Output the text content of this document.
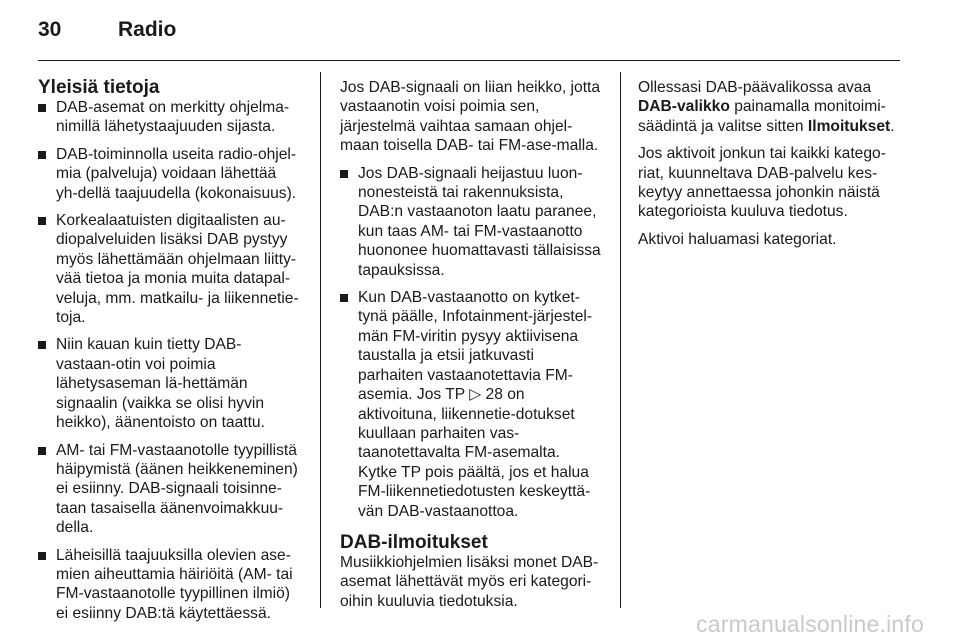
30	Radio
Yleisiä tietoja
DAB-asemat on merkitty ohjelma-nimillä lähetystaajuuden sijasta.
DAB-toiminnolla useita radio-ohjel-mia (palveluja) voidaan lähettää yh-dellä taajuudella (kokonaisuus).
Korkealaatuisten digitaalisten au-diopalveluiden lisäksi DAB pystyy myös lähettämään ohjelmaan liitty-vää tietoa ja monia muita datapal-veluja, mm. matkailu- ja liikennetie-toja.
Niin kauan kuin tietty DAB-vastaan-otin voi poimia lähetysaseman lä-hettämän signaalin (vaikka se olisi hyvin heikko), äänentoisto on taattu.
AM- tai FM-vastaanotolle tyypillistä häipymistä (äänen heikkeneminen) ei esiinny. DAB-signaali toisinne-taan tasaisella äänenvoimakkuu-della.
Läheisillä taajuuksilla olevien ase-mien aiheuttamia häiriöitä (AM- tai FM-vastaanotolle tyypillinen ilmiö) ei esiinny DAB:tä käytettäessä.

Jos DAB-signaali on liian heikko, jotta vastaanotin voisi poimia sen, järjestelmä vaihtaa samaan ohjel-maan toisella DAB- tai FM-ase-malla.

Jos DAB-signaali heijastuu luon-nonesteistä tai rakennuksista, DAB:n vastaanoton laatu paranee, kun taas AM- tai FM-vastaanotto huononee huomattavasti tällaisissa tapauksissa.
Kun DAB-vastaanotto on kytket-tynä päälle, Infotainment-järjestel-män FM-viritin pysyy aktiivisena taustalla ja etsii jatkuvasti parhaiten vastaanotettavia FM-asemia. Jos TP ▷ 28 on aktivoituna, liikennetie-dotukset kuullaan parhaiten vas-taanotettavalta FM-asemalta. Kytke TP pois päältä, jos et halua FM-liikennetiedotusten keskeyttä-vän DAB-vastaanottoa.
DAB-ilmoitukset

Musiikkiohjelmien lisäksi monet DAB-asemat lähettävät myös eri kategori-oihin kuuluvia tiedotuksia.

Ollessasi DAB-päävalikossa avaa DAB-valikko painamalla monitoimi-säädintä ja valitse sitten Ilmoitukset.

Jos aktivoit jonkun tai kaikki katego-riat, kuunneltava DAB-palvelu kes-keytyy annettaessa johonkin näistä kategorioista kuuluva tiedotus.

Aktivoi haluamasi kategoriat.

carmanualsonline.info
